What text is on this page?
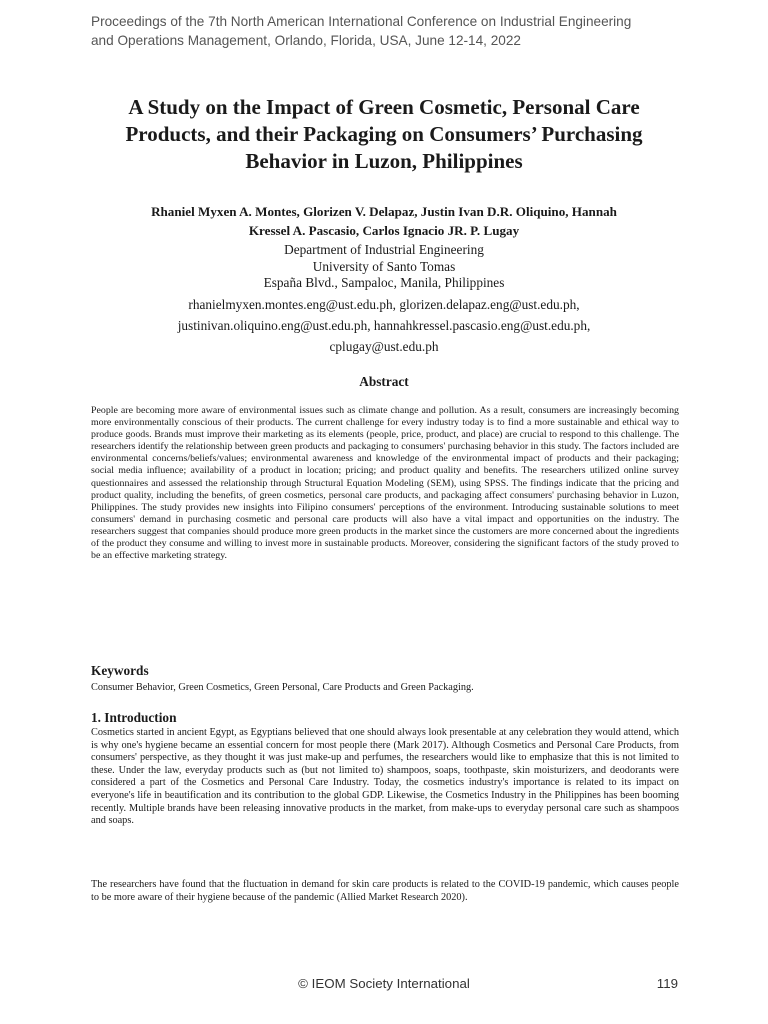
Proceedings of the 7th North American International Conference on Industrial Engineering
and Operations Management, Orlando, Florida, USA, June 12-14, 2022
A Study on the Impact of Green Cosmetic, Personal Care
Products, and their Packaging on Consumers’ Purchasing
Behavior in Luzon, Philippines
Rhaniel Myxen A. Montes, Glorizen V. Delapaz, Justin Ivan D.R. Oliquino, Hannah
Kressel A. Pascasio, Carlos Ignacio JR. P. Lugay
Department of Industrial Engineering
University of Santo Tomas
España Blvd., Sampaloc, Manila, Philippines
rhanielmyxen.montes.eng@ust.edu.ph, glorizen.delapaz.eng@ust.edu.ph,
justinivan.oliquino.eng@ust.edu.ph, hannahkressel.pascasio.eng@ust.edu.ph,
cplugay@ust.edu.ph
Abstract
People are becoming more aware of environmental issues such as climate change and pollution. As a result, consumers are increasingly becoming more environmentally conscious of their products. The current challenge for every industry today is to find a more sustainable and ethical way to produce goods. Brands must improve their marketing as its elements (people, price, product, and place) are crucial to respond to this challenge. The researchers identify the relationship between green products and packaging to consumers' purchasing behavior in this study. The factors included are environmental concerns/beliefs/values; environmental awareness and knowledge of the environmental impact of products and their packaging; social media influence; availability of a product in location; pricing; and product quality and benefits. The researchers utilized online survey questionnaires and assessed the relationship through Structural Equation Modeling (SEM), using SPSS. The findings indicate that the pricing and product quality, including the benefits, of green cosmetics, personal care products, and packaging affect consumers' purchasing behavior in Luzon, Philippines. The study provides new insights into Filipino consumers' perceptions of the environment. Introducing sustainable solutions to meet consumers' demand in purchasing cosmetic and personal care products will also have a vital impact and opportunities on the industry. The researchers suggest that companies should produce more green products in the market since the customers are more concerned about the ingredients of the product they consume and willing to invest more in sustainable products. Moreover, considering the significant factors of the study proved to be an effective marketing strategy.
Keywords
Consumer Behavior, Green Cosmetics, Green Personal, Care Products and Green Packaging.
1. Introduction
Cosmetics started in ancient Egypt, as Egyptians believed that one should always look presentable at any celebration they would attend, which is why one's hygiene became an essential concern for most people there (Mark 2017). Although Cosmetics and Personal Care Products, from consumers' perspective, as they thought it was just make-up and perfumes, the researchers would like to emphasize that this is not limited to these. Under the law, everyday products such as (but not limited to) shampoos, soaps, toothpaste, skin moisturizers, and deodorants were considered a part of the Cosmetics and Personal Care Industry. Today, the cosmetics industry's importance is related to its impact on everyone's life in beautification and its contribution to the global GDP. Likewise, the Cosmetics Industry in the Philippines has been booming recently. Multiple brands have been releasing innovative products in the market, from make-ups to everyday personal care such as shampoos and soaps.
The researchers have found that the fluctuation in demand for skin care products is related to the COVID-19 pandemic, which causes people to be more aware of their hygiene because of the pandemic (Allied Market Research 2020).
© IEOM Society International	119
